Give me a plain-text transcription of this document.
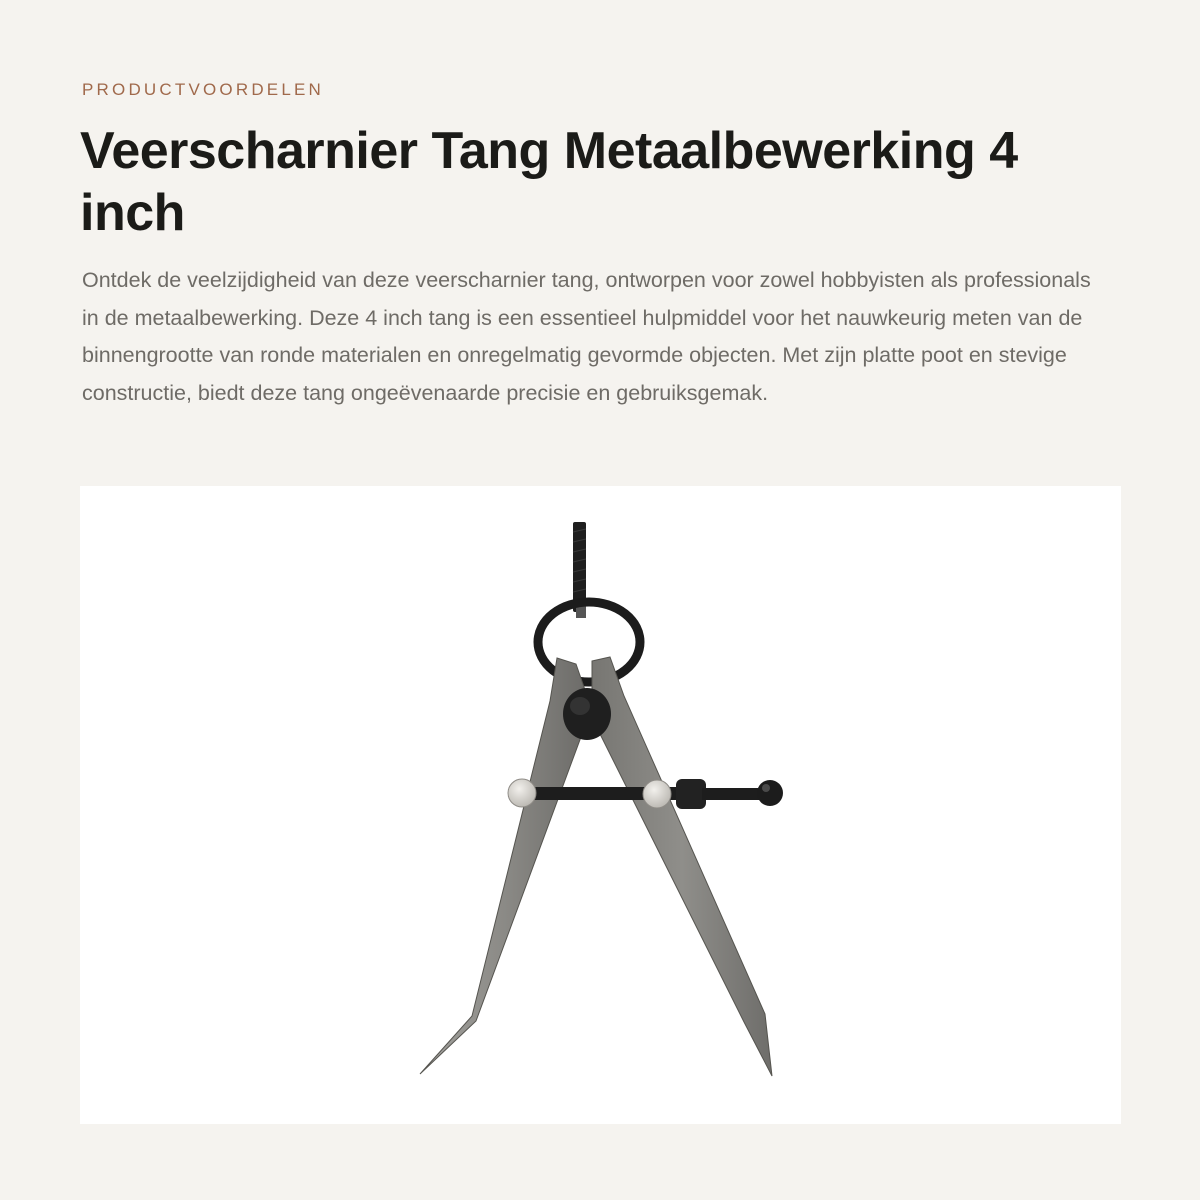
PRODUCTVOORDELEN
Veerscharnier Tang Metaalbewerking 4 inch

Ontdek de veelzijdigheid van deze veerscharnier tang, ontworpen voor zowel hobbyisten als professionals in de metaalbewerking. Deze 4 inch tang is een essentieel hulpmiddel voor het nauwkeurig meten van de binnengrootte van ronde materialen en onregelmatig gevormde objecten. Met zijn platte poot en stevige constructie, biedt deze tang ongeëvenaarde precisie en gebruiksgemak.
